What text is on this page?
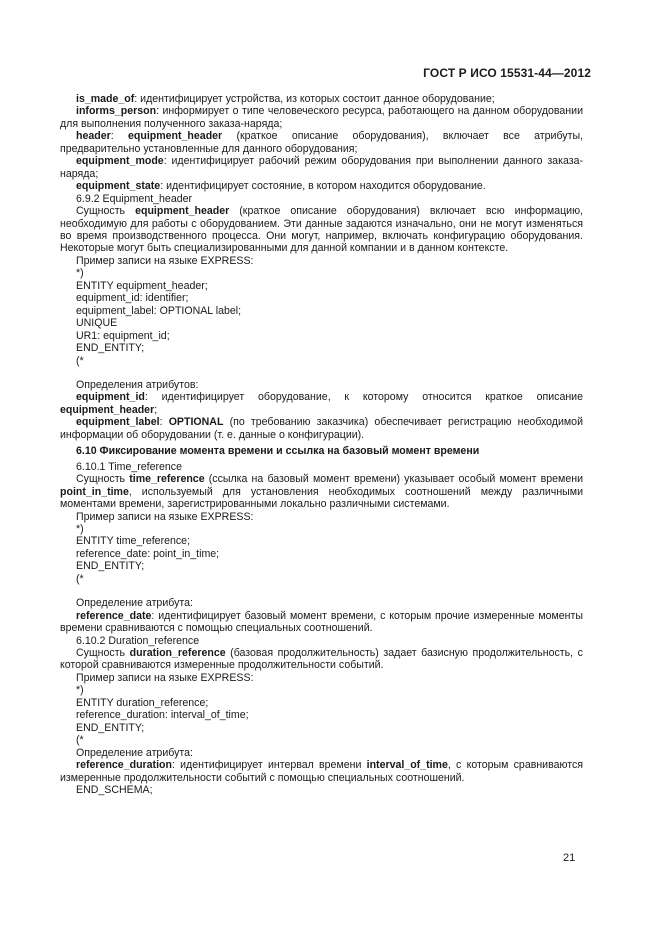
ГОСТ Р ИСО 15531-44—2012

is_made_of: идентифицирует устройства, из которых состоит данное оборудование;

informs_person: информирует о типе человеческого ресурса, работающего на данном оборудовании для выполнения полученного заказа-наряда;

header: equipment_header (краткое описание оборудования), включает все атрибуты, предварительно установленные для данного оборудования;

equipment_mode: идентифицирует рабочий режим оборудования при выполнении данного заказа-наряда;

equipment_state: идентифицирует состояние, в котором находится оборудование.

6.9.2 Equipment_header

Сущность equipment_header (краткое описание оборудования) включает всю информацию, необходимую для работы с оборудованием. Эти данные задаются изначально, они не могут изменяться во время производственного процесса. Они могут, например, включать конфигурацию оборудования. Некоторые могут быть специализированными для данной компании и в данном контексте.

Пример записи на языке EXPRESS:

*)

ENTITY equipment_header;

equipment_id: identifier;

equipment_label: OPTIONAL label;

UNIQUE

UR1: equipment_id;

END_ENTITY;

(*

Определения атрибутов:

equipment_id: идентифицирует оборудование, к которому относится краткое описание equipment_header;

equipment_label: OPTIONAL (по требованию заказчика) обеспечивает регистрацию необходимой информации об оборудовании (т. е. данные о конфигурации).

6.10 Фиксирование момента времени и ссылка на базовый момент времени

6.10.1 Time_reference

Сущность time_reference (ссылка на базовый момент времени) указывает особый момент времени point_in_time, используемый для установления необходимых соотношений между различными моментами времени, зарегистрированными локально различными системами.

Пример записи на языке EXPRESS:

*)

ENTITY time_reference;

reference_date: point_in_time;

END_ENTITY;

(*

Определение атрибута:

reference_date: идентифицирует базовый момент времени, с которым прочие измеренные моменты времени сравниваются с помощью специальных соотношений.

6.10.2 Duration_reference

Сущность duration_reference (базовая продолжительность) задает базисную продолжительность, с которой сравниваются измеренные продолжительности событий.

Пример записи на языке EXPRESS:

*)

ENTITY duration_reference;

reference_duration: interval_of_time;

END_ENTITY;

(*

Определение атрибута:

reference_duration: идентифицирует интервал времени interval_of_time, с которым сравниваются измеренные продолжительности событий с помощью специальных соотношений.

END_SCHEMA;

21
